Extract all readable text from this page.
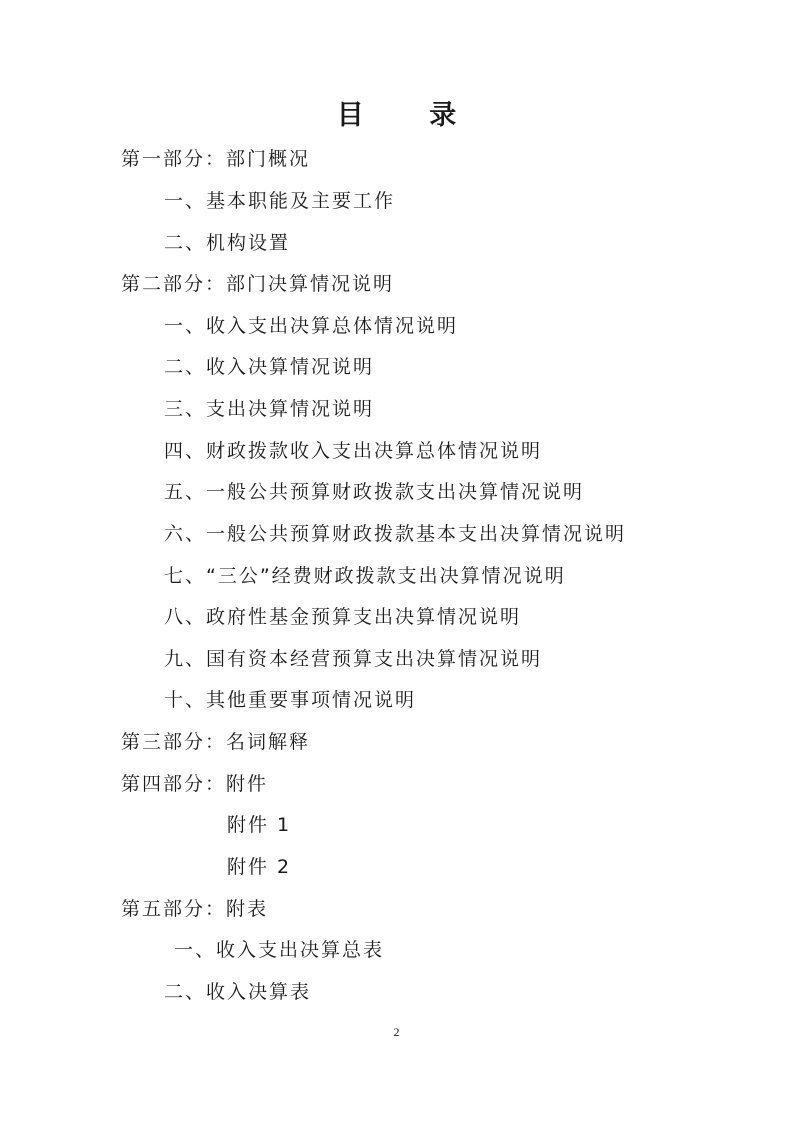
目 录
第一部分：部门概况
一、基本职能及主要工作
二、机构设置
第二部分：部门决算情况说明
一、收入支出决算总体情况说明
二、收入决算情况说明
三、支出决算情况说明
四、财政拨款收入支出决算总体情况说明
五、一般公共预算财政拨款支出决算情况说明
六、一般公共预算财政拨款基本支出决算情况说明
七、“三公”经费财政拨款支出决算情况说明
八、政府性基金预算支出决算情况说明
九、国有资本经营预算支出决算情况说明
十、其他重要事项情况说明
第三部分：名词解释
第四部分：附件
附件 1
附件 2
第五部分：附表
一、收入支出决算总表
二、收入决算表
2
